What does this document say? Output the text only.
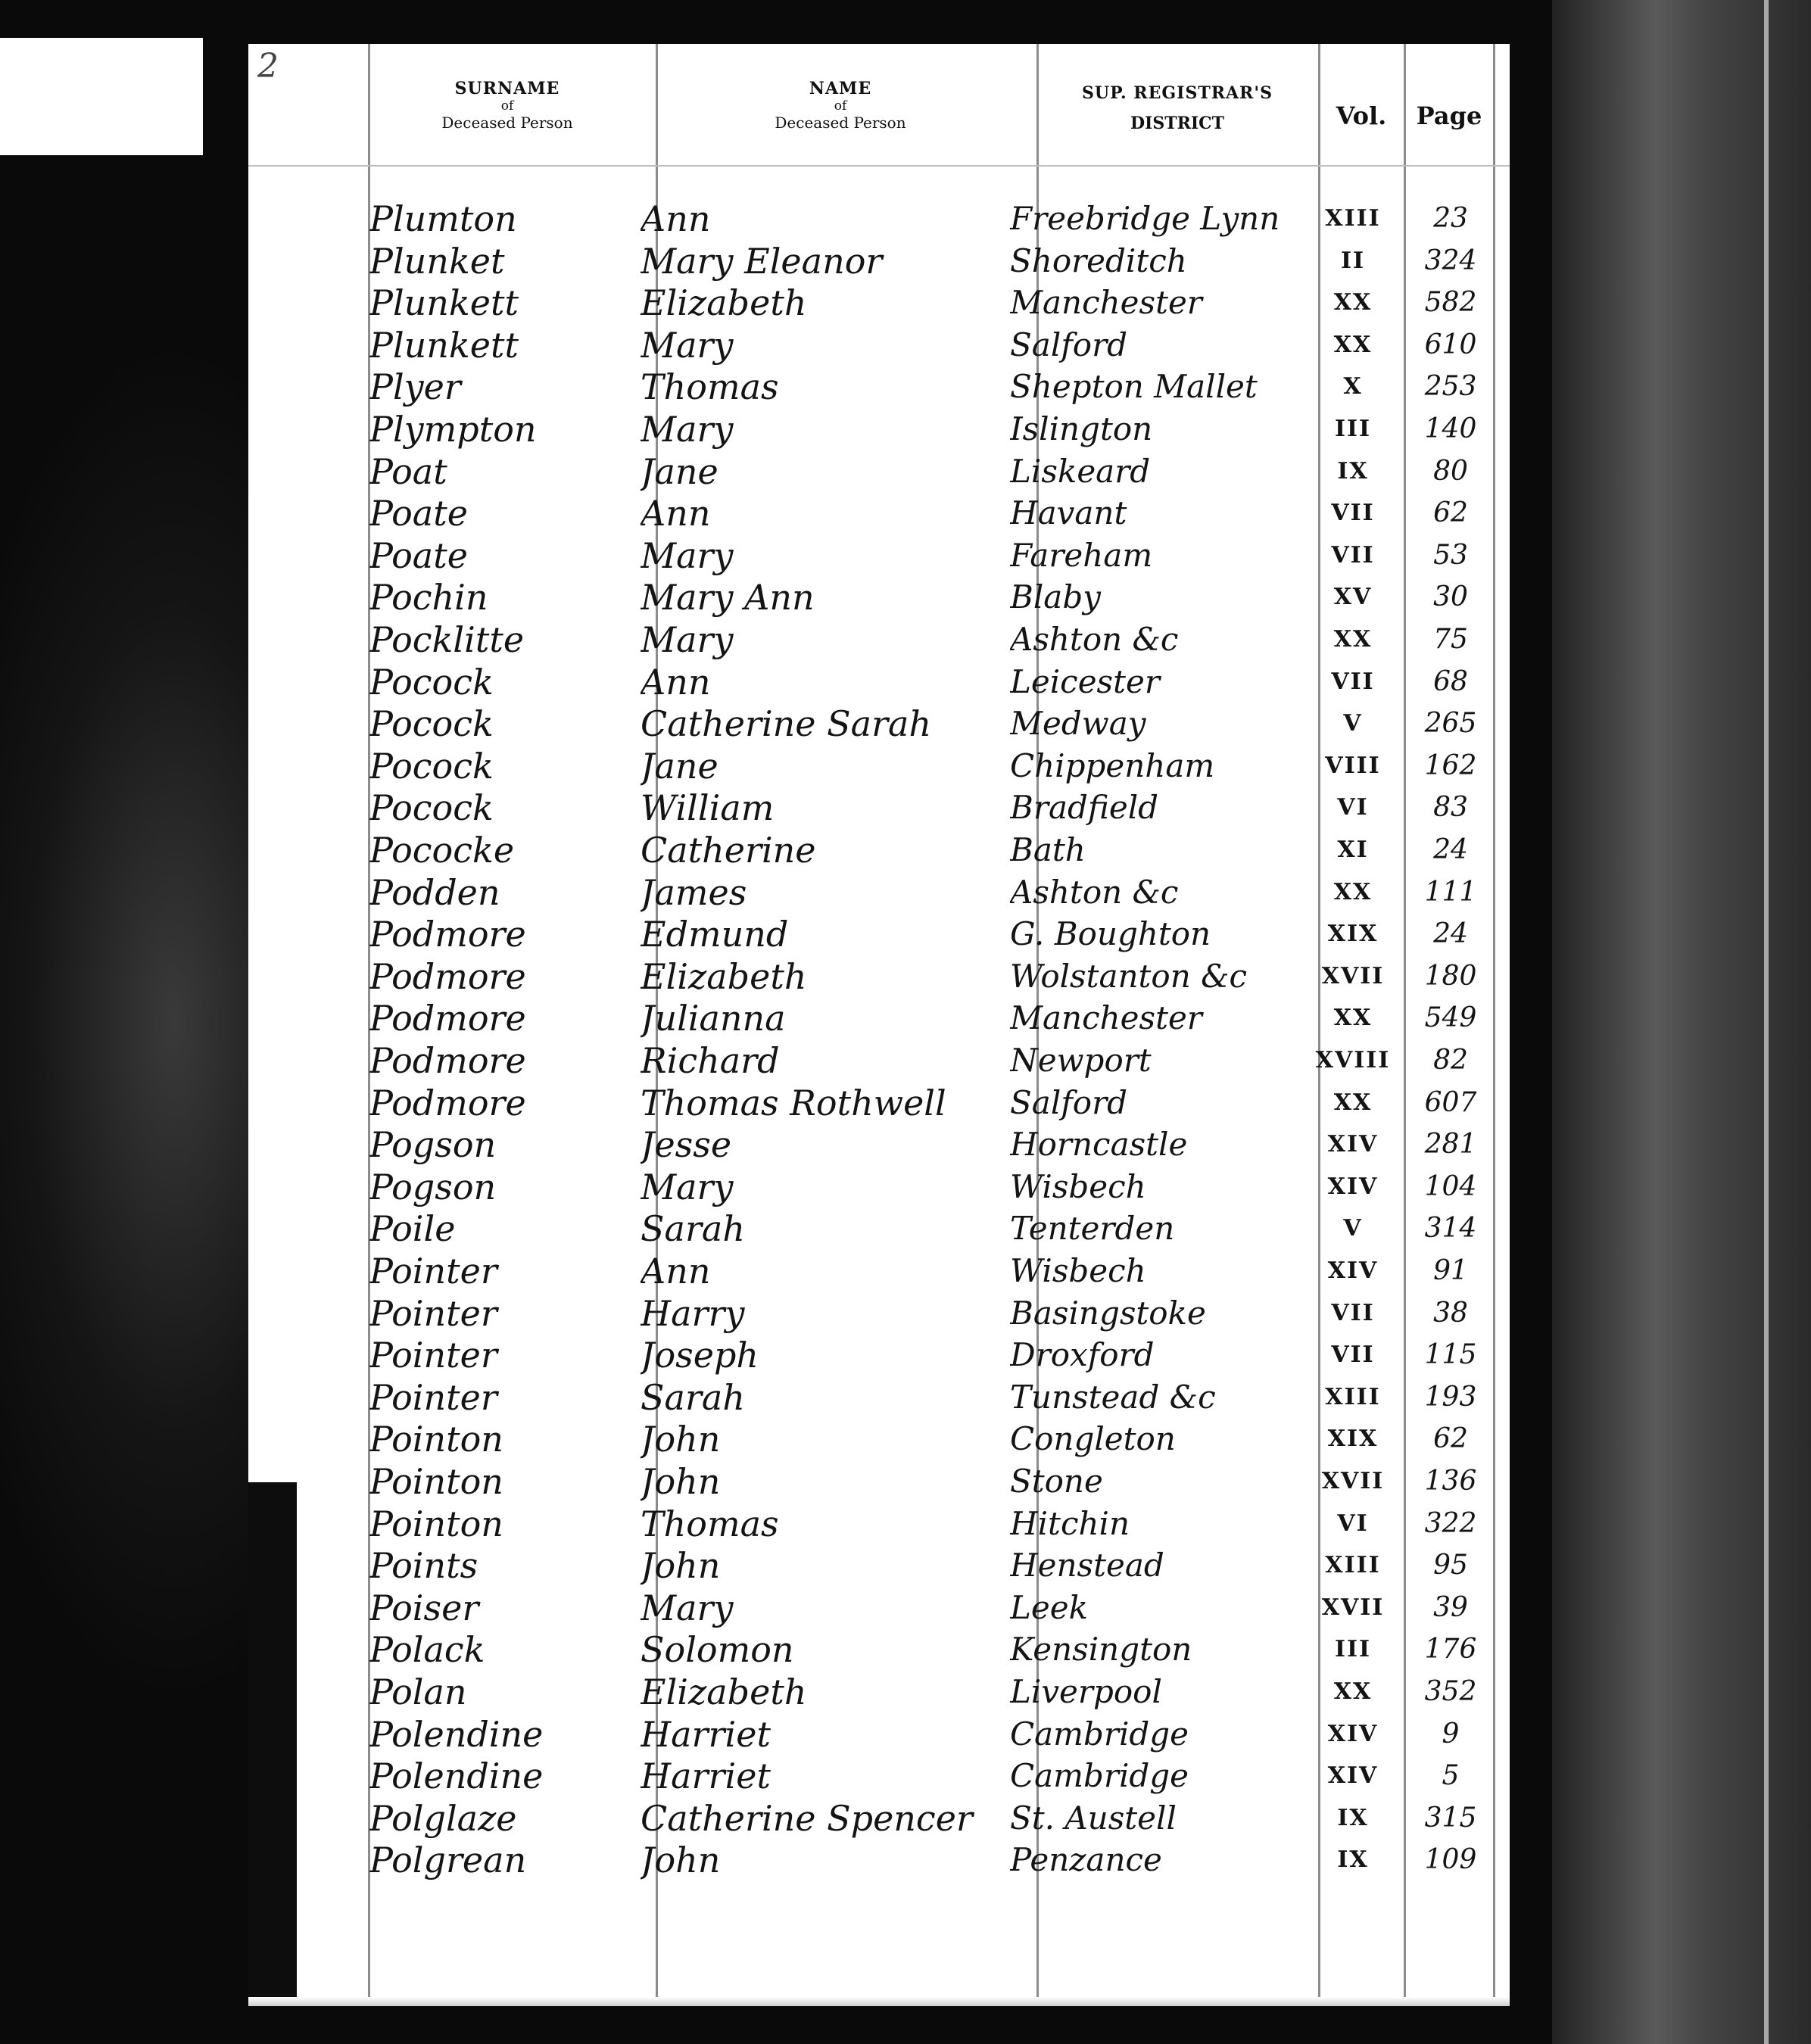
2
SURNAME
of
Deceased Person
NAME
of
Deceased Person
SUP. REGISTRAR'S
DISTRICT	Vol.	Page
Plumton	Ann	Freebridge Lynn	XIII	23
Plunket	Mary Eleanor	Shoreditch	II	324
Plunkett	Elizabeth	Manchester	XX	582
Plunkett	Mary	Salford	XX	610
Plyer	Thomas	Shepton Mallet	X	253
Plympton	Mary	Islington	III	140
Poat	Jane	Liskeard	IX	80
Poate	Ann	Havant	VII	62
Poate	Mary	Fareham	VII	53
Pochin	Mary Ann	Blaby	XV	30
Pocklitte	Mary	Ashton &c	XX	75
Pocock	Ann	Leicester	VII	68
Pocock	Catherine Sarah	Medway	V	265
Pocock	Jane	Chippenham	VIII	162
Pocock	William	Bradfield	VI	83
Pococke	Catherine	Bath	XI	24
Podden	James	Ashton &c	XX	111
Podmore	Edmund	G. Boughton	XIX	24
Podmore	Elizabeth	Wolstanton &c	XVII	180
Podmore	Julianna	Manchester	XX	549
Podmore	Richard	Newport	XVIII	82
Podmore	Thomas Rothwell	Salford	XX	607
Pogson	Jesse	Horncastle	XIV	281
Pogson	Mary	Wisbech	XIV	104
Poile	Sarah	Tenterden	V	314
Pointer	Ann	Wisbech	XIV	91
Pointer	Harry	Basingstoke	VII	38
Pointer	Joseph	Droxford	VII	115
Pointer	Sarah	Tunstead &c	XIII	193
Pointon	John	Congleton	XIX	62
Pointon	John	Stone	XVII	136
Pointon	Thomas	Hitchin	VI	322
Points	John	Henstead	XIII	95
Poiser	Mary	Leek	XVII	39
Polack	Solomon	Kensington	III	176
Polan	Elizabeth	Liverpool	XX	352
Polendine	Harriet	Cambridge	XIV	9
Polendine	Harriet	Cambridge	XIV	5
Polglaze	Catherine Spencer	St. Austell	IX	315
Polgrean	John	Penzance	IX	109
